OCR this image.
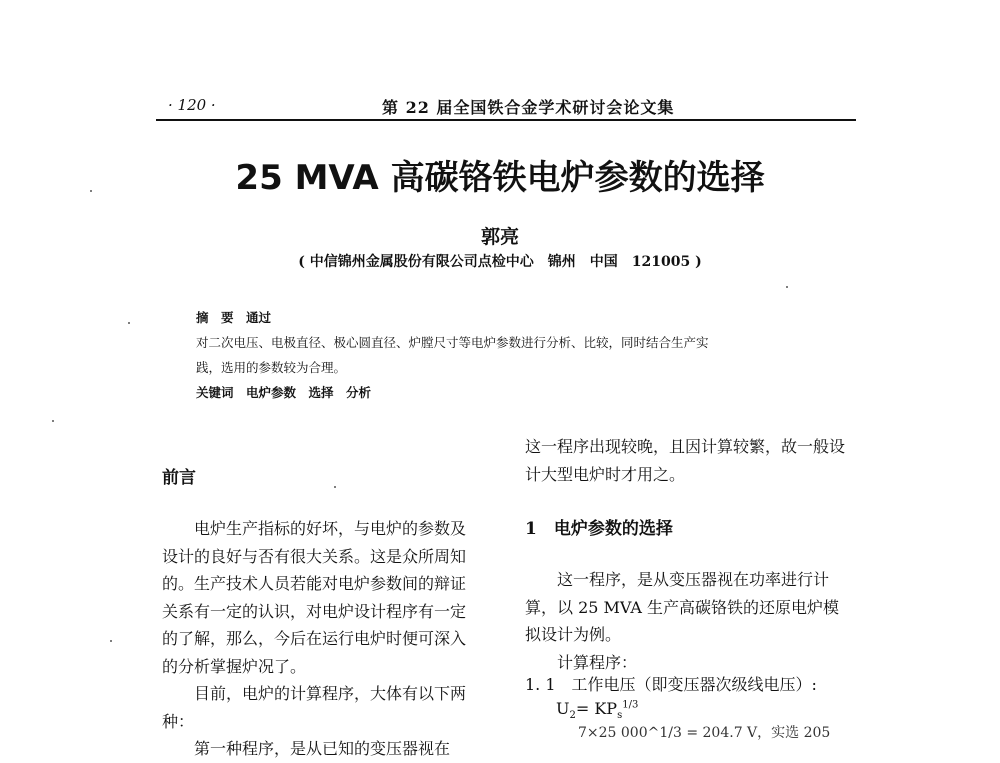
· 120 ·	第 22 届全国铁合金学术研讨会论文集
25 MVA 高碳铬铁电炉参数的选择
郭亮
( 中信锦州金属股份有限公司点检中心　锦州　中国　121005 )
摘　要　通过
对二次电压、电极直径、极心圆直径、炉膛尺寸等电炉参数进行分析、比较，同时结合生产实
践，选用的参数较为合理。
关键词　电炉参数　选择　分析
前言

电炉生产指标的好坏，与电炉的参数及设计的良好与否有很大关系。这是众所周知的。生产技术人员若能对电炉参数间的辩证关系有一定的认识，对电炉设计程序有一定的了解，那么，今后在运行电炉时便可深入的分析掌握炉况了。

目前，电炉的计算程序，大体有以下两种：

第一种程序，是从已知的变压器视在

这一程序出现较晚，且因计算较繁，故一般设计大型电炉时才用之。

1　电炉参数的选择

这一程序，是从变压器视在功率进行计算，以 25 MVA 生产高碳铬铁的还原电炉模拟设计为例。

计算程序：

1. 1　工作电压（即变压器次级线电压）:
$U_2= KP_s^{1/3}$
7×25 000^1/3 = 204.7 V，实选 205
